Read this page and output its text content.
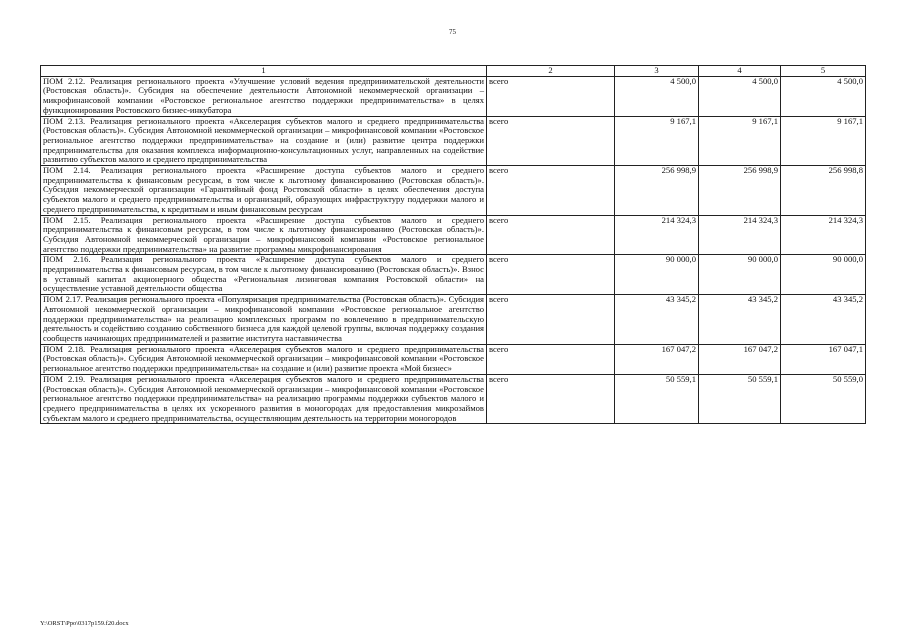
75
1	2	3	4	5
ПОМ 2.12. Реализация регионального проекта «Улучшение условий ведения предпринимательской деятельности (Ростовская область)». Субсидия на обеспечение деятельности Автономной некоммерческой организации – микрофинансовой компании «Ростовское региональное агентство поддержки предпринимательства» в целях функционирования Ростовского бизнес-инкубатора	всего	4 500,0	4 500,0	4 500,0
ПОМ 2.13. Реализация регионального проекта «Акселерация субъектов малого и среднего предпринимательства (Ростовская область)». Субсидия Автономной некоммерческой организации – микрофинансовой компании «Ростовское региональное агентство поддержки предпринимательства» на создание и (или) развитие центра поддержки предпринимательства для оказания комплекса информационно-консультационных услуг, направленных на содействие развитию субъектов малого и среднего предпринимательства	всего	9 167,1	9 167,1	9 167,1
ПОМ 2.14. Реализация регионального проекта «Расширение доступа субъектов малого и среднего предпринимательства к финансовым ресурсам, в том числе к льготному финансированию (Ростовская область)». Субсидия некоммерческой организации «Гарантийный фонд Ростовской области» в целях обеспечения доступа субъектов малого и среднего предпринимательства и организаций, образующих инфраструктуру поддержки малого и среднего предпринимательства, к кредитным и иным финансовым ресурсам	всего	256 998,9	256 998,9	256 998,8
ПОМ 2.15. Реализация регионального проекта «Расширение доступа субъектов малого и среднего предпринимательства к финансовым ресурсам, в том числе к льготному финансированию (Ростовская область)». Субсидия Автономной некоммерческой организации – микрофинансовой компании «Ростовское региональное агентство поддержки предпринимательства» на развитие программы микрофинансирования	всего	214 324,3	214 324,3	214 324,3
ПОМ 2.16. Реализация регионального проекта «Расширение доступа субъектов малого и среднего предпринимательства к финансовым ресурсам, в том числе к льготному финансированию (Ростовская область)». Взнос в уставный капитал акционерного общества «Региональная лизинговая компания Ростовской области» на осуществление уставной деятельности общества	всего	90 000,0	90 000,0	90 000,0
ПОМ 2.17. Реализация регионального проекта «Популяризация предпринимательства (Ростовская область)». Субсидия Автономной некоммерческой организации – микрофинансовой компании «Ростовское региональное агентство поддержки предпринимательства» на реализацию комплексных программ по вовлечению в предпринимательскую деятельность и содействию созданию собственного бизнеса для каждой целевой группы, включая поддержку создания сообществ начинающих предпринимателей и развитие института наставничества	всего	43 345,2	43 345,2	43 345,2
ПОМ 2.18. Реализация регионального проекта «Акселерация субъектов малого и среднего предпринимательства (Ростовская область)». Субсидия Автономной некоммерческой организации – микрофинансовой компании «Ростовское региональное агентство поддержки предпринимательства» на создание и (или) развитие проекта «Мой бизнес»	всего	167 047,2	167 047,2	167 047,1
ПОМ 2.19. Реализация регионального проекта «Акселерация субъектов малого и среднего предпринимательства (Ростовская область)». Субсидия Автономной некоммерческой организации – микрофинансовой компании «Ростовское региональное агентство поддержки предпринимательства» на реализацию программы поддержки субъектов малого и среднего предпринимательства в целях их ускоренного развития в моногородах для предоставления микрозаймов субъектам малого и среднего предпринимательства, осуществляющим деятельность на территории моногородов	всего	50 559,1	50 559,1	50 559,0
Y:\ORST\Ppo\0317p159.f20.docx
